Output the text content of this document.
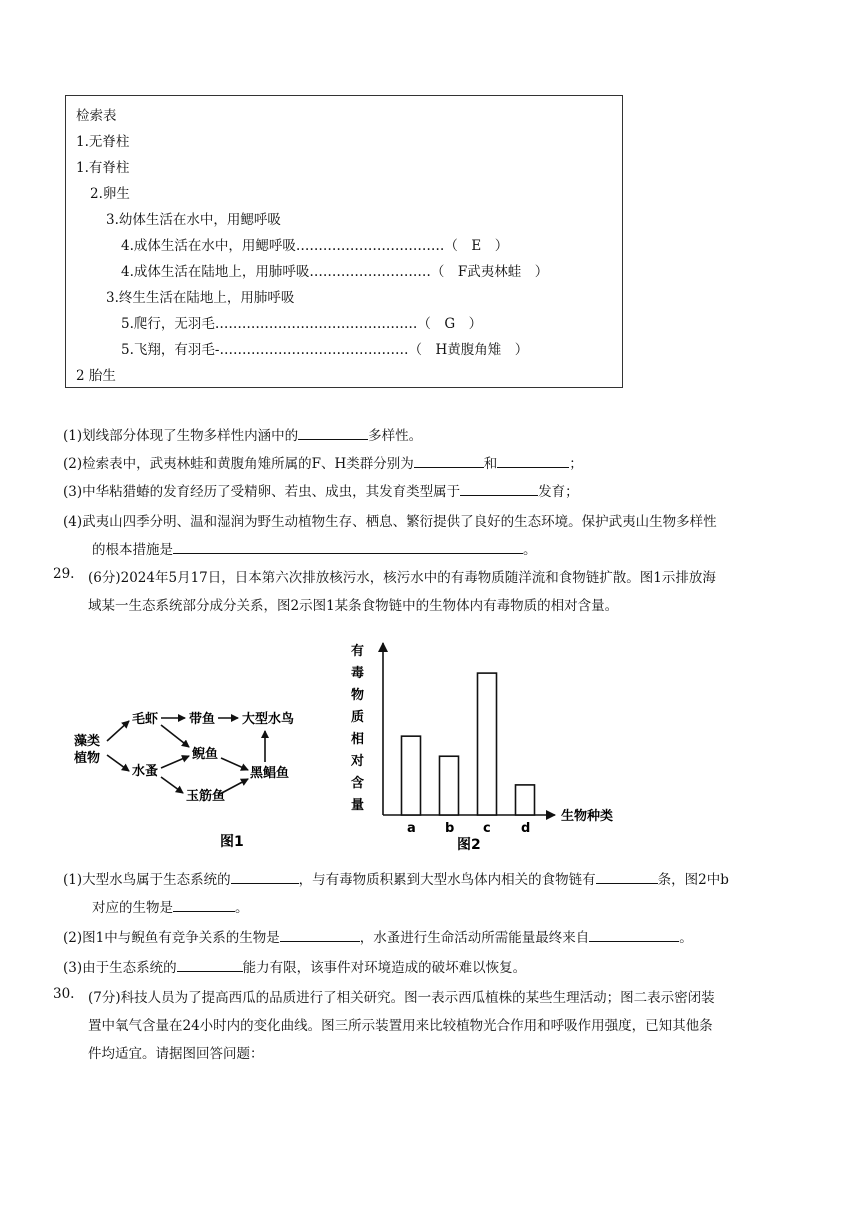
检索表
1.无脊柱
1.有脊柱
2.卵生
3.幼体生活在水中，用鳃呼吸
4.成体生活在水中，用鳃呼吸……………………………（　E　）
4.成体生活在陆地上，用肺呼吸………………………（　F武夷林蛙　）
3.终生生活在陆地上，用肺呼吸
5.爬行，无羽毛………………………………………（　G　）
5.飞翔，有羽毛-……………………………………（　H黄腹角雉　）
2 胎生
(1)划线部分体现了生物多样性内涵中的	多样性。
(2)检索表中，武夷林蛙和黄腹角雉所属的F、H类群分别为	和	；
(3)中华粘猎蝽的发育经历了受精卵、若虫、成虫，其发育类型属于	发育；
(4)武夷山四季分明、温和湿润为野生动植物生存、栖息、繁衍提供了良好的生态环境。保护武夷山生物多样性
的根本措施是	。
29. (6分)2024年5月17日，日本第六次排放核污水，核污水中的有毒物质随洋流和食物链扩散。图1示排放海
域某一生态系统部分成分关系，图2示图1某条食物链中的生物体内有毒物质的相对含量。
藻类
植物
毛虾 带鱼 大型水鸟
鲵鱼
水蚤	黑鲳鱼
玉筋鱼
图1
有
毒
物
质
相
对
含
量
a b c d
生物种类
图2
(1)大型水鸟属于生态系统的	，与有毒物质积累到大型水鸟体内相关的食物链有	条，图2中b
对应的生物是	。
(2)图1中与鲵鱼有竞争关系的生物是	，水蚤进行生命活动所需能量最终来自	。
(3)由于生态系统的	能力有限，该事件对环境造成的破坏难以恢复。
30. (7分)科技人员为了提高西瓜的品质进行了相关研究。图一表示西瓜植株的某些生理活动；图二表示密闭装
置中氧气含量在24小时内的变化曲线。图三所示装置用来比较植物光合作用和呼吸作用强度，已知其他条
件均适宜。请据图回答问题：
